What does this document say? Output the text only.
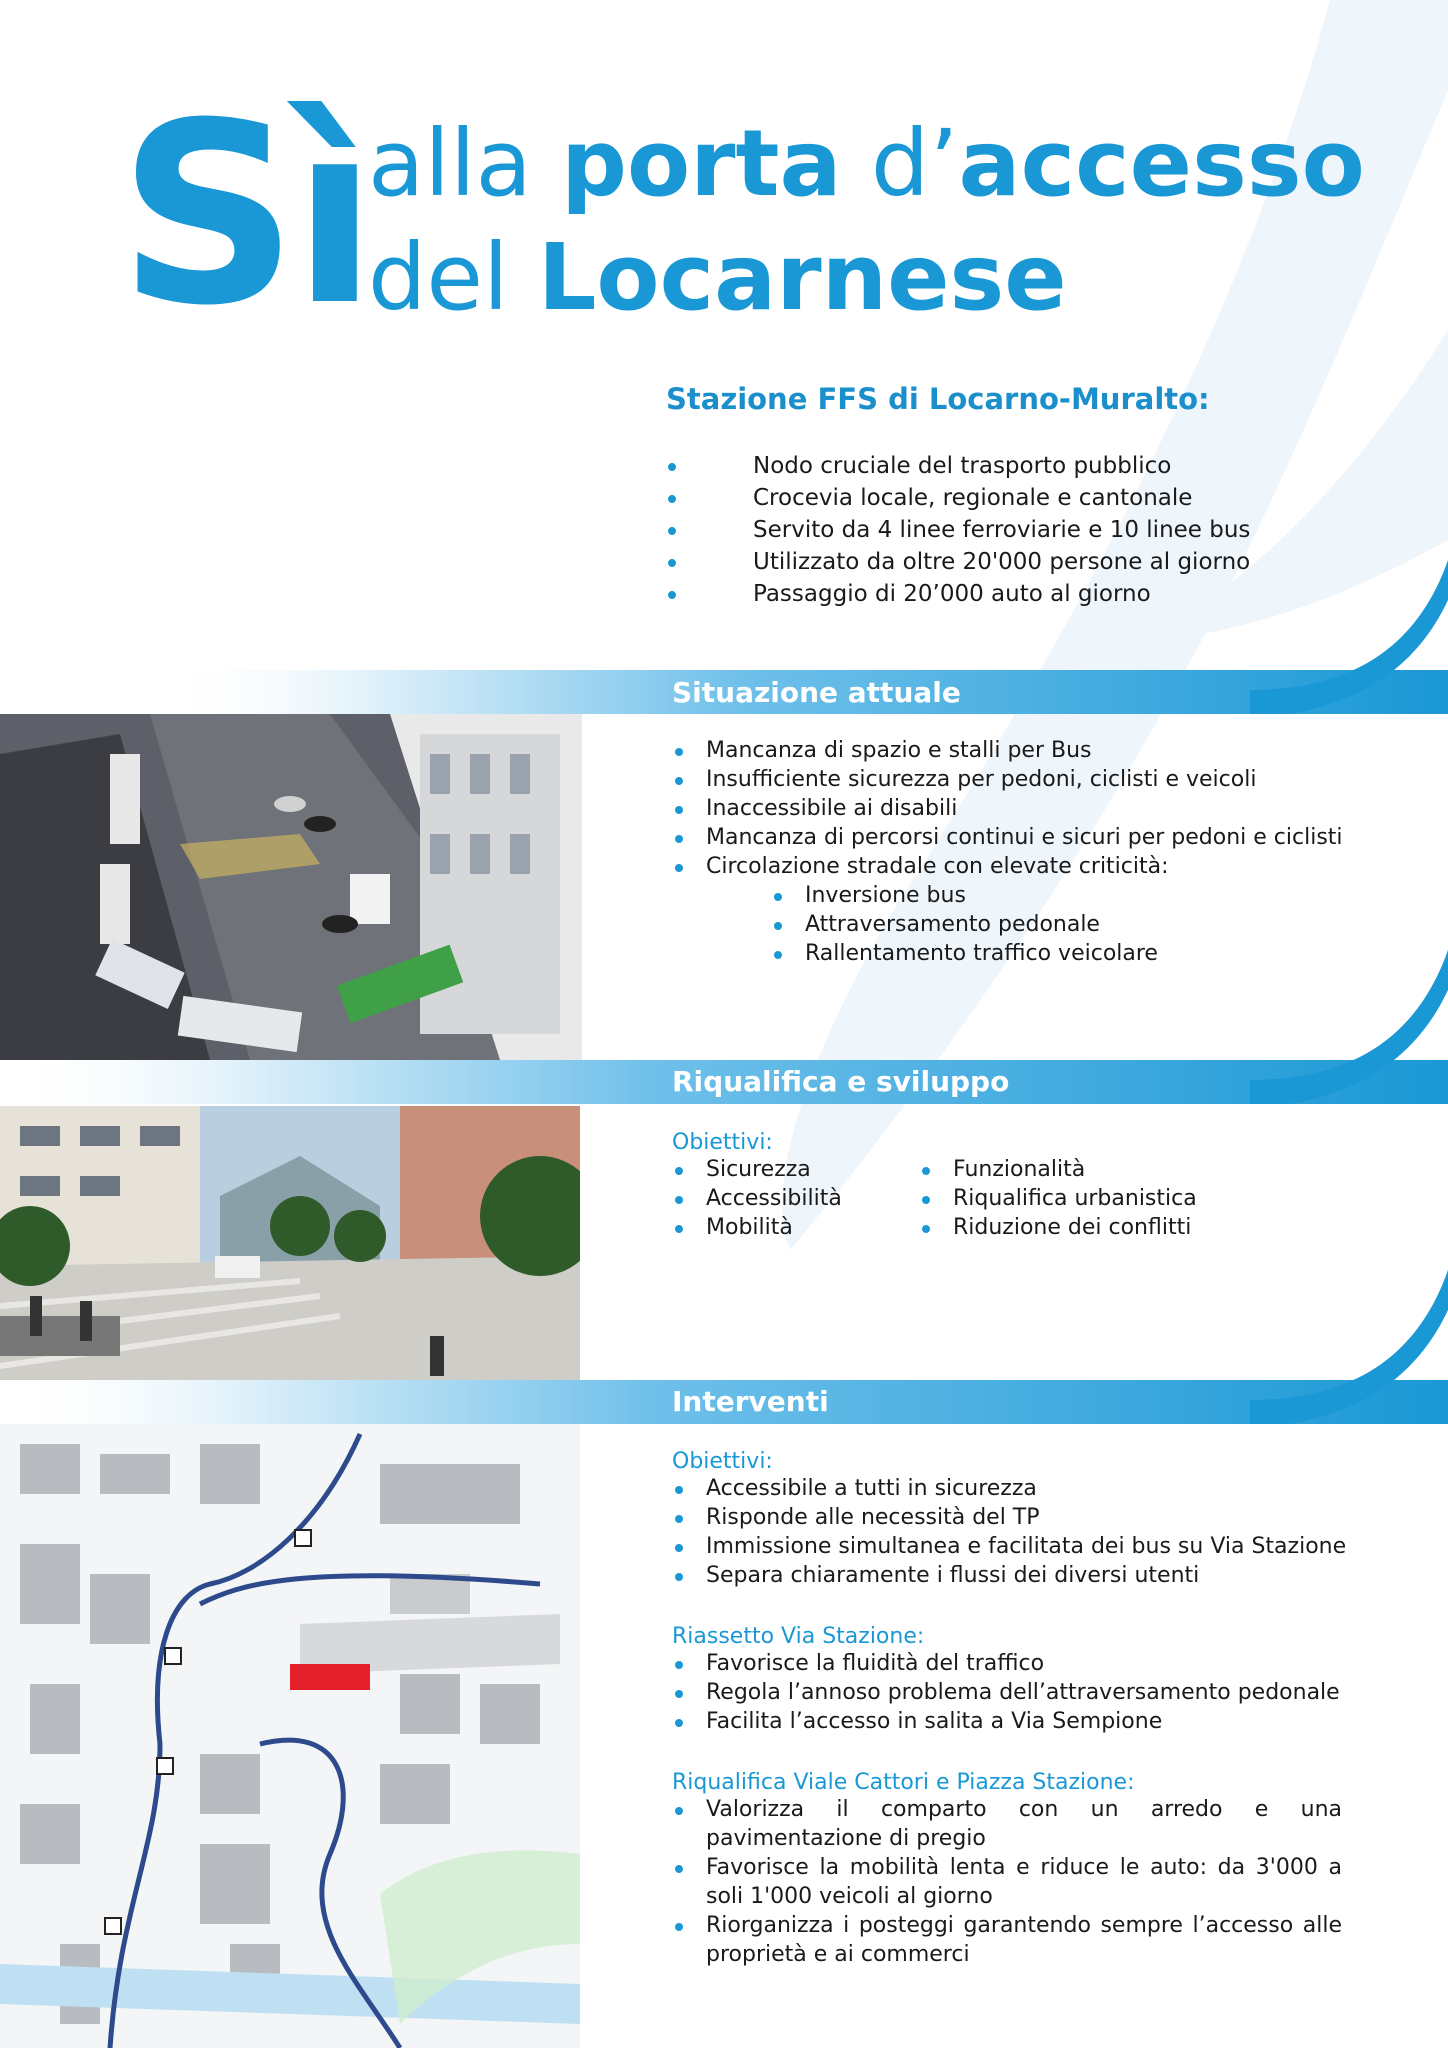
Sì
alla porta d’accesso
del Locarnese
Stazione FFS di Locarno-Muralto:
Nodo cruciale del trasporto pubblico
Crocevia locale, regionale e cantonale
Servito da 4 linee ferroviarie e 10 linee bus
Utilizzato da oltre 20'000 persone al giorno
Passaggio di 20’000 auto al giorno
Situazione attuale
Mancanza di spazio e stalli per Bus
Insufficiente sicurezza per pedoni, ciclisti e veicoli
Inaccessibile ai disabili
Mancanza di percorsi continui e sicuri per pedoni e ciclisti
Circolazione stradale con elevate criticità:
Inversione bus
Attraversamento pedonale
Rallentamento traffico veicolare
Riqualifica e sviluppo
Obiettivi:
Sicurezza
Accessibilità
Mobilità
Funzionalità
Riqualifica urbanistica
Riduzione dei conflitti
Interventi
Obiettivi:
Accessibile a tutti in sicurezza
Risponde alle necessità del TP
Immissione simultanea e facilitata dei bus su Via Stazione
Separa chiaramente i flussi dei diversi utenti
Riassetto Via Stazione:
Favorisce la fluidità del traffico
Regola l’annoso problema dell’attraversamento pedonale
Facilita l’accesso in salita a Via Sempione
Riqualifica Viale Cattori e Piazza Stazione:
Valorizza il comparto con un arredo e una pavimentazione di pregio
Favorisce la mobilità lenta e riduce le auto: da 3'000 a soli 1'000 veicoli al giorno
Riorganizza i posteggi garantendo sempre l’accesso alle proprietà e ai commerci
